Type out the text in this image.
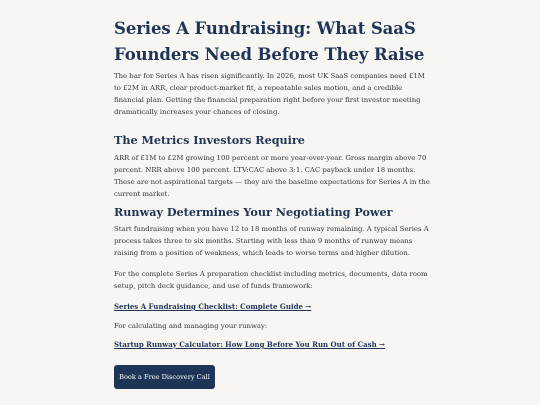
Series A Fundraising: What SaaS Founders Need Before They Raise

The bar for Series A has risen significantly. In 2026, most UK SaaS companies need £1M to £2M in ARR, clear product-market fit, a repeatable sales motion, and a credible financial plan. Getting the financial preparation right before your first investor meeting dramatically increases your chances of closing.

The Metrics Investors Require

ARR of £1M to £2M growing 100 percent or more year-over-year. Gross margin above 70 percent. NRR above 100 percent. LTV:CAC above 3:1. CAC payback under 18 months. These are not aspirational targets — they are the baseline expectations for Series A in the current market.

Runway Determines Your Negotiating Power

Start fundraising when you have 12 to 18 months of runway remaining. A typical Series A process takes three to six months. Starting with less than 9 months of runway means raising from a position of weakness, which leads to worse terms and higher dilution.

For the complete Series A preparation checklist including metrics, documents, data room setup, pitch deck guidance, and use of funds framework:

Series A Fundraising Checklist: Complete Guide →

For calculating and managing your runway:

Startup Runway Calculator: How Long Before You Run Out of Cash →
Book a Free Discovery Call
